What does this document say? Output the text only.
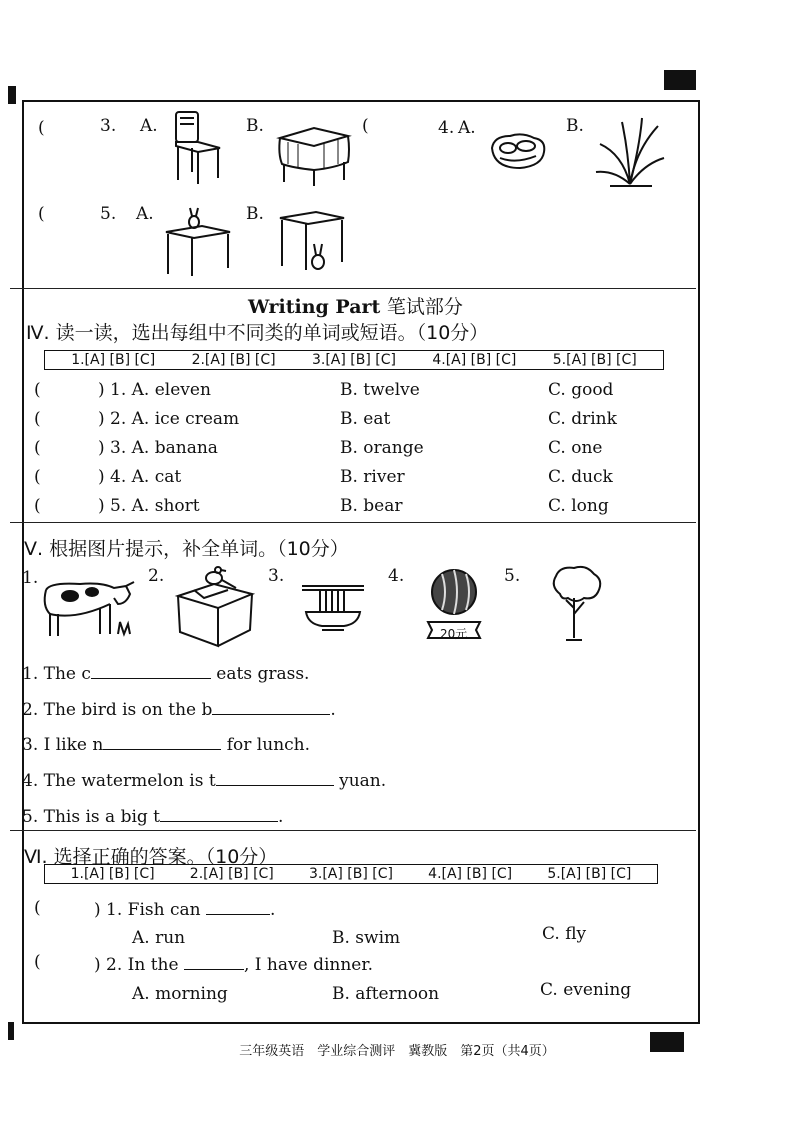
(	3. A.	B.	(	4. A.	B.
(	5. A.	B.
Writing Part 笔试部分
Ⅳ. 读一读，选出每组中不同类的单词或短语。（10分）
1.[A] [B] [C]	2.[A] [B] [C]	3.[A] [B] [C]	4.[A] [B] [C]	5.[A] [B] [C]
(	) 1. A. eleven	B. twelve	C. good
(	) 2. A. ice cream	B. eat	C. drink
(	) 3. A. banana	B. orange	C. one
(	) 4. A. cat	B. river	C. duck
(	) 5. A. short	B. bear	C. long
Ⅴ. 根据图片提示，补全单词。（10分）
1.	2.	3.	4.
20元
5.
1. The c	eats grass.
2. The bird is on the b	.
3. I like n	for lunch.
4. The watermelon is t	yuan.
5. This is a big t	.
Ⅵ. 选择正确的答案。（10分）
1.[A] [B] [C]	2.[A] [B] [C]	3.[A] [B] [C]	4.[A] [B] [C]	5.[A] [B] [C]
(	) 1. Fish can	.
A. run	B. swim	C. fly
(	) 2. In the	, I have dinner.
A. morning	B. afternoon	C. evening
三年级英语　学业综合测评　冀教版　第2页（共4页）
